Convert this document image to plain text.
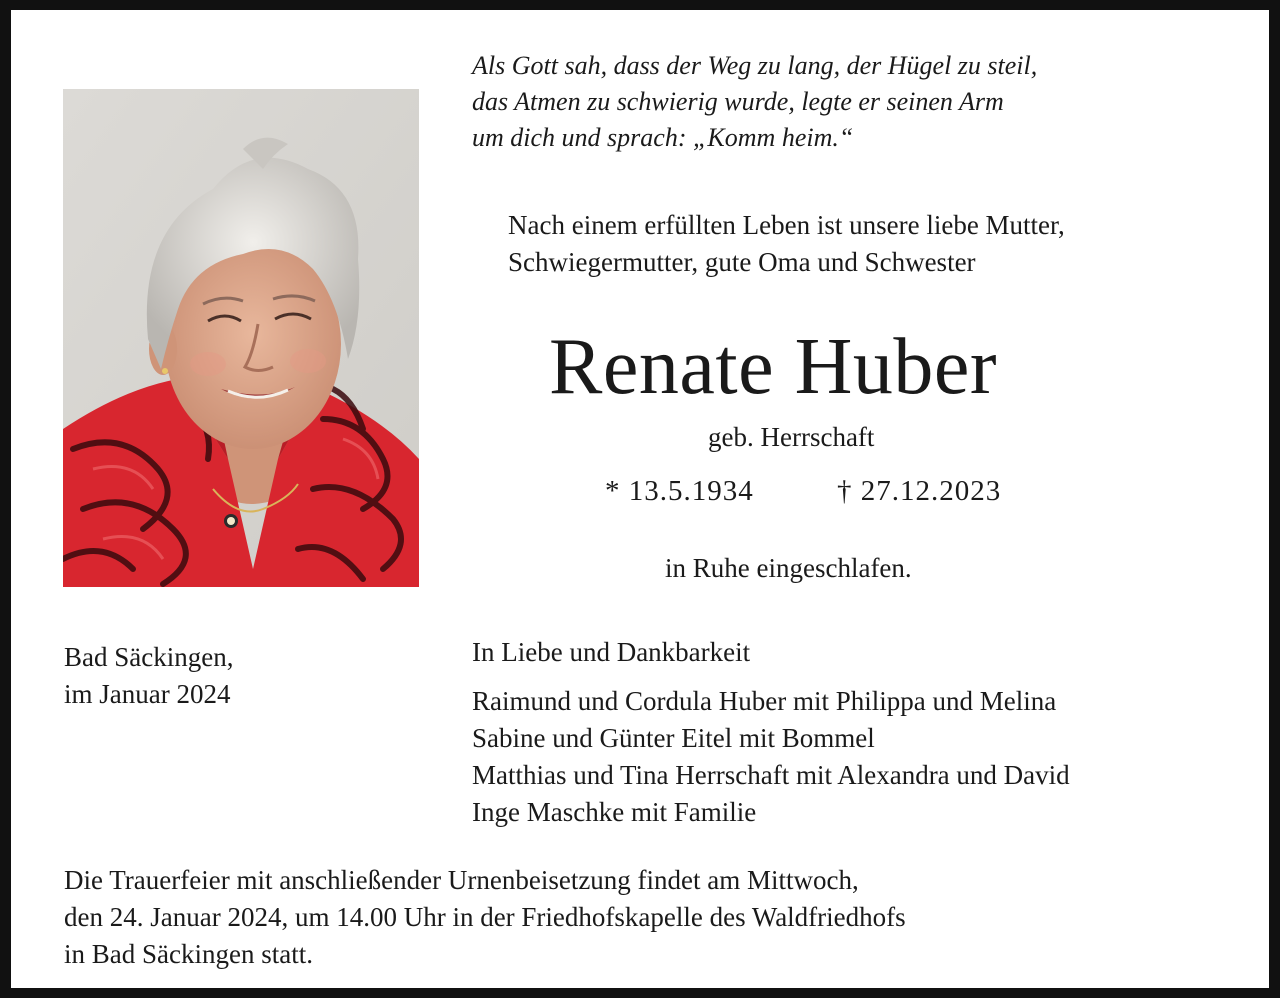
Als Gott sah, dass der Weg zu lang, der Hügel zu steil,
das Atmen zu schwierig wurde, legte er seinen Arm
um dich und sprach: „Komm heim.“
Nach einem erfüllten Leben ist unsere liebe Mutter,
Schwiegermutter, gute Oma und Schwester
Renate Huber
geb. Herrschaft
* 13.5.1934	† 27.12.2023
in Ruhe eingeschlafen.
Bad Säckingen,
im Januar 2024
In Liebe und Dankbarkeit
Raimund und Cordula Huber mit Philippa und Melina
Sabine und Günter Eitel mit Bommel
Matthias und Tina Herrschaft mit Alexandra und David
Inge Maschke mit Familie
Die Trauerfeier mit anschließender Urnenbeisetzung findet am Mittwoch,
den 24. Januar 2024, um 14.00 Uhr in der Friedhofskapelle des Waldfriedhofs
in Bad Säckingen statt.
